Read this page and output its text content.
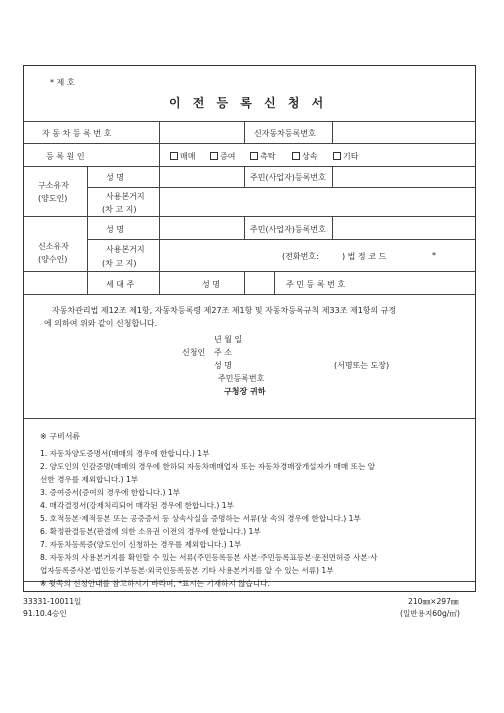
* 제 호
이 전 등 록 신 청 서
자 동 차 등 록 번 호	신자동차등록번호
등 록 원 인	매매	증여	촉탁	상속	기타
구소유자
(양도인)
성 명	주민(사업자)등록번호
사용본거지
(차 고 지)
신소유자
(양수인)
성 명	주민(사업자)등록번호
사용본거지
(차 고 지)
(전화번호:	) 법 정 코 드	*
세 대 주	성 명	주 민 등 록 번 호
자동차관리법 제12조 제1항, 자동차등록령 제27조 제1항 및 자동차등록규칙 제33조 제1항의 규정
에 의하여 위와 같이 신청합니다.
년 월 일
신청인 주 소
성 명	(서명또는 도장)
주민등록번호
구청장 귀하
※ 구비서류
1. 자동차양도증명서(매매의 경우에 한합니다.) 1부
2. 양도인의 인감증명(매매의 경우에 한하되 자동차매매업자 또는 자동차경매장개설자가 매매 또는 알
선한 경우를 제외합니다.) 1부
3. 증여증서(증여의 경우에 한합니다.) 1부
4. 매각결정서(강제처리되어 매각된 경우에 한합니다.) 1부
5. 호적등본·제적등본 또는 공증증서 등 상속사실을 증명하는 서류(상 속의 경우에 한합니다.) 1부
6. 확정판결등본(판결에 의한 소유권 이전의 경우에 한합니다.) 1부
7. 자동차등록증(양도인이 신청하는 경우를 제외합니다.) 1부
8. 자동차의 사용본거지를 확인할 수 있는 서류(주민등록등본 사본·주민등록표등본·운전면허증 사본·사
업자등록증사본·법인등기부등본·외국인등록등본 기타 사용본거지를 알 수 있는 서류) 1부
※ 뒷쪽의 신청안내를 참고하시기 바라며, *표시는 기재하지 않습니다.
33331-10011일
91.10.4승인
210㎜×297㎜
(일반용지60g/㎡)
